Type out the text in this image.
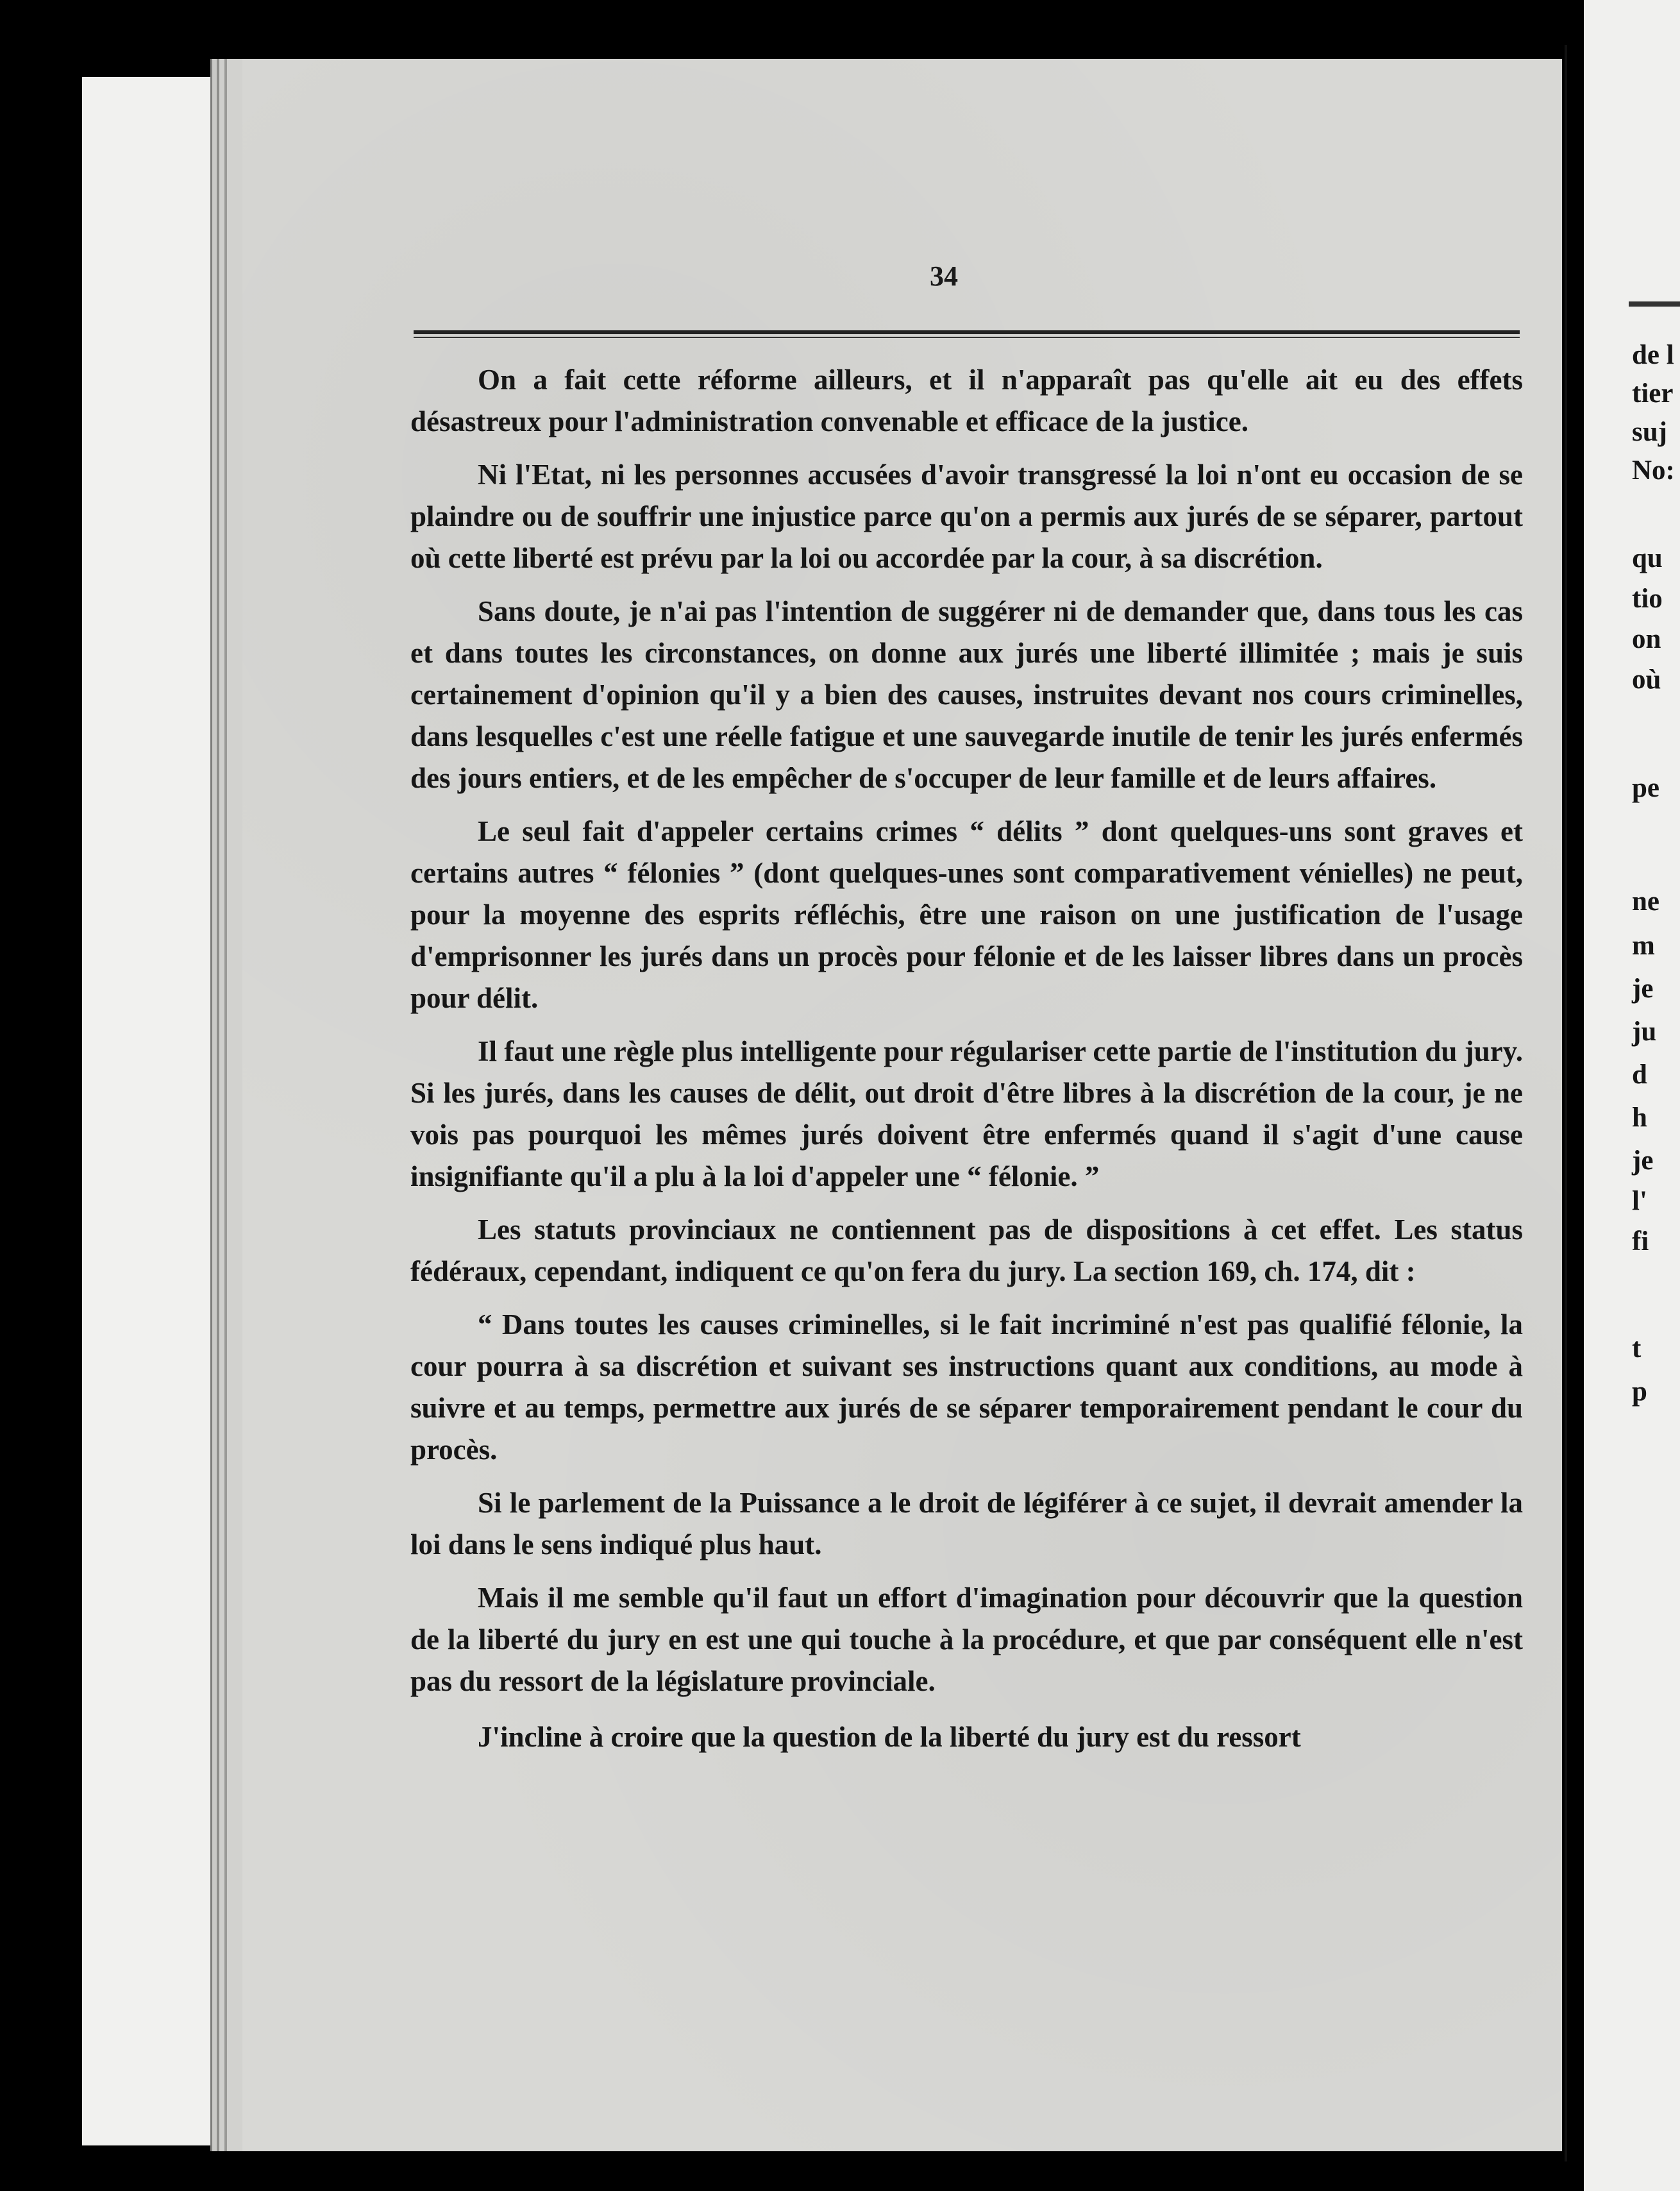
34

On a fait cette réforme ailleurs, et il n'apparaît pas qu'elle ait eu des effets désastreux pour l'administration convenable et efficace de la justice.

Ni l'Etat, ni les personnes accusées d'avoir transgressé la loi n'ont eu occasion de se plaindre ou de souffrir une injustice parce qu'on a permis aux jurés de se séparer, partout où cette liberté est prévu par la loi ou accordée par la cour, à sa discrétion.

Sans doute, je n'ai pas l'intention de suggérer ni de demander que, dans tous les cas et dans toutes les circonstances, on donne aux jurés une liberté illimitée ; mais je suis certainement d'opinion qu'il y a bien des causes, instruites devant nos cours criminelles, dans lesquelles c'est une réelle fatigue et une sauvegarde inutile de tenir les jurés enfermés des jours entiers, et de les empêcher de s'occuper de leur famille et de leurs affaires.

Le seul fait d'appeler certains crimes “ délits ” dont quelques-uns sont graves et certains autres “ félonies ” (dont quelques-unes sont comparativement vénielles) ne peut, pour la moyenne des esprits réfléchis, être une raison on une justification de l'usage d'emprisonner les jurés dans un procès pour félonie et de les laisser libres dans un procès pour délit.

Il faut une règle plus intelligente pour régulariser cette partie de l'institution du jury. Si les jurés, dans les causes de délit, out droit d'être libres à la discrétion de la cour, je ne vois pas pourquoi les mêmes jurés doivent être enfermés quand il s'agit d'une cause insignifiante qu'il a plu à la loi d'appeler une “ félonie. ”

Les statuts provinciaux ne contiennent pas de dispositions à cet effet. Les status fédéraux, cependant, indiquent ce qu'on fera du jury. La section 169, ch. 174, dit :

“ Dans toutes les causes criminelles, si le fait incriminé n'est pas qualifié félonie, la cour pourra à sa discrétion et suivant ses instructions quant aux conditions, au mode à suivre et au temps, permettre aux jurés de se séparer temporairement pendant le cour du procès.

Si le parlement de la Puissance a le droit de légiférer à ce sujet, il devrait amender la loi dans le sens indiqué plus haut.

Mais il me semble qu'il faut un effort d'imagination pour découvrir que la question de la liberté du jury en est une qui touche à la procédure, et que par conséquent elle n'est pas du ressort de la législature provinciale.

J'incline à croire que la question de la liberté du jury est du ressort

de l
tier
suj
No:
qu
tio
on
où
pe
ne
m
je
ju
d
h
je
l'
fi
t
p
